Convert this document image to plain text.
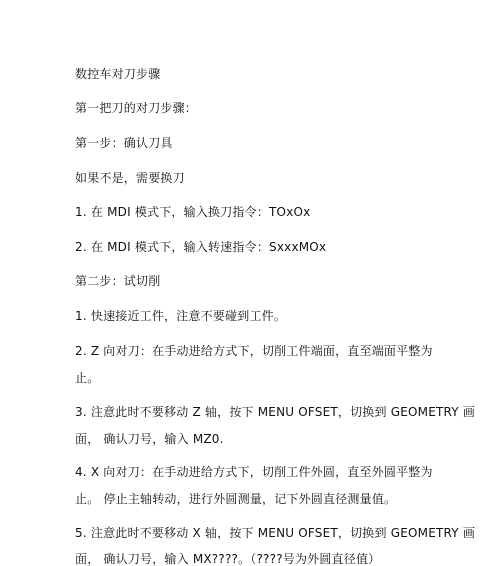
数控车对刀步骤
第一把刀的对刀步骤：
第一步：确认刀具
如果不是，需要换刀
1. 在 MDI 模式下，输入换刀指令：TOxOx
2. 在 MDI 模式下，输入转速指令：SxxxMOx
第二步：试切削
1. 快速接近工件，注意不要碰到工件。
2. Z 向对刀：在手动进给方式下，切削工件端面，直至端面平整为
止。
3. 注意此时不要移动 Z 轴，按下 MENU OFSET，切换到 GEOMETRY 画
面， 确认刀号，输入 MZ0.
4. X 向对刀：在手动进给方式下，切削工件外圆，直至外圆平整为
止。 停止主轴转动，进行外圆测量，记下外圆直径测量值。
5. 注意此时不要移动 X 轴，按下 MENU OFSET，切换到 GEOMETRY 画
面， 确认刀号，输入 MX????。（????号为外圆直径值）
